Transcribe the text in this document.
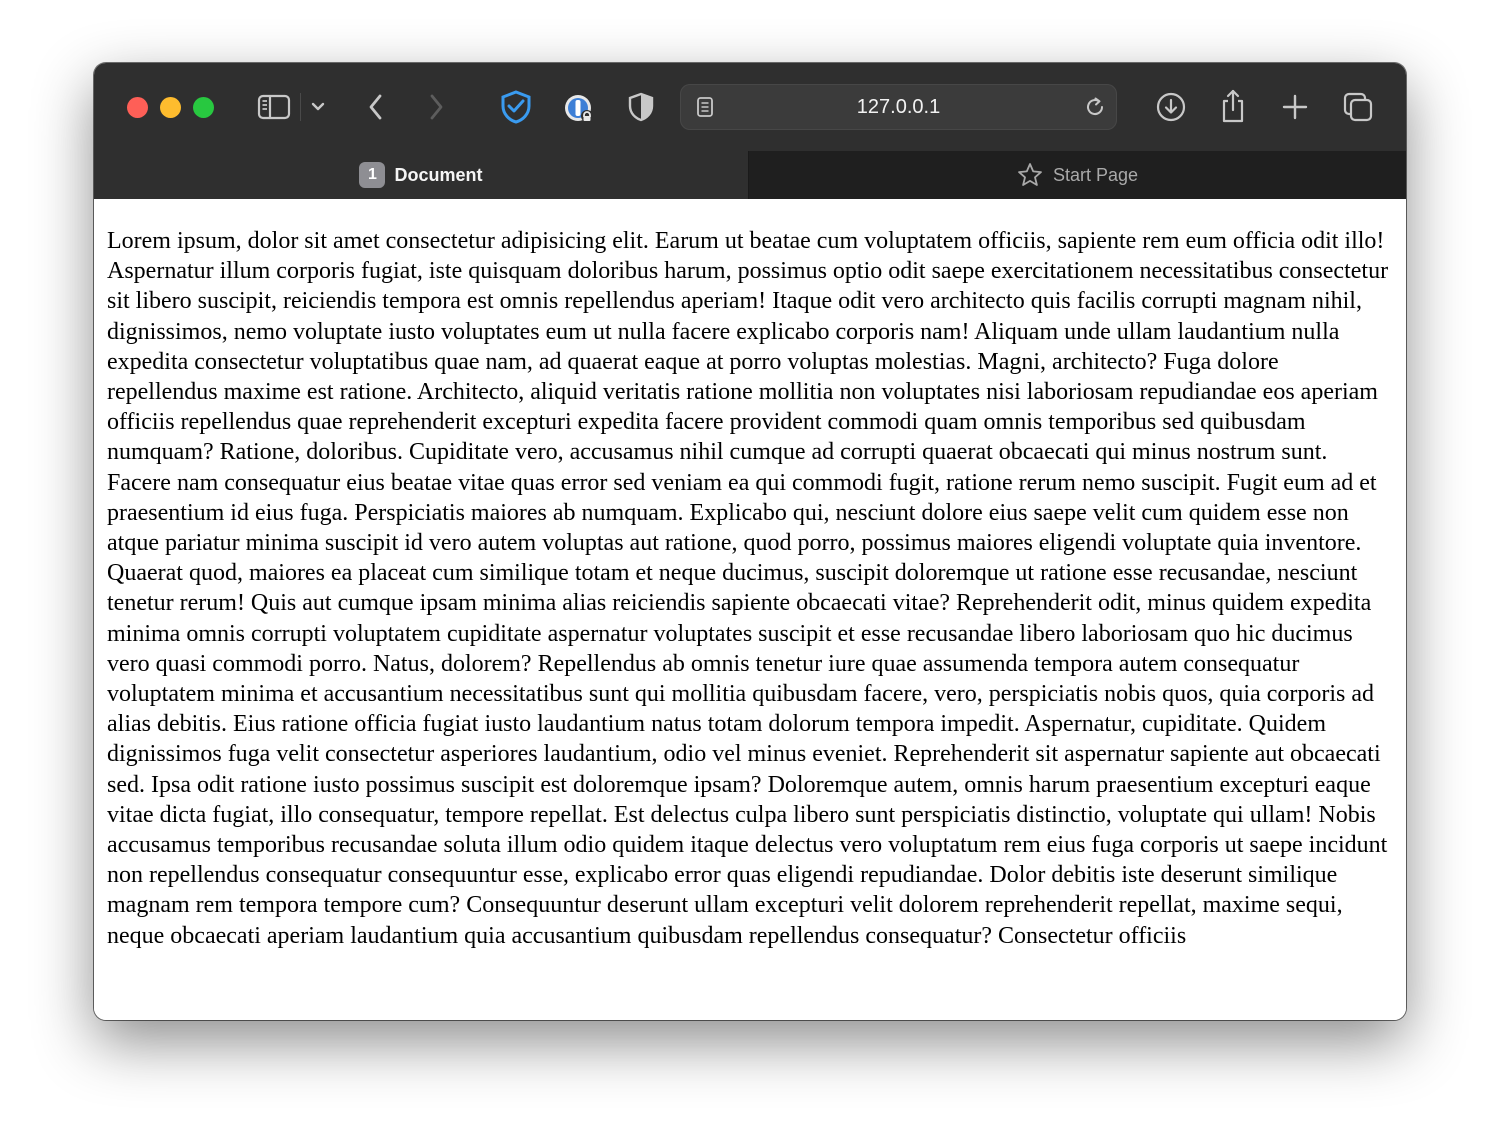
127.0.0.1
1 Document	Start Page

Lorem ipsum, dolor sit amet consectetur adipisicing elit. Earum ut beatae cum voluptatem officiis, sapiente rem eum officia odit illo! Aspernatur illum corporis fugiat, iste quisquam doloribus harum, possimus optio odit saepe exercitationem necessitatibus consectetur sit libero suscipit, reiciendis tempora est omnis repellendus aperiam! Itaque odit vero architecto quis facilis corrupti magnam nihil, dignissimos, nemo voluptate iusto voluptates eum ut nulla facere explicabo corporis nam! Aliquam unde ullam laudantium nulla expedita consectetur voluptatibus quae nam, ad quaerat eaque at porro voluptas molestias. Magni, architecto? Fuga dolore repellendus maxime est ratione. Architecto, aliquid veritatis ratione mollitia non voluptates nisi laboriosam repudiandae eos aperiam officiis repellendus quae reprehenderit excepturi expedita facere provident commodi quam omnis temporibus sed quibusdam numquam? Ratione, doloribus. Cupiditate vero, accusamus nihil cumque ad corrupti quaerat obcaecati qui minus nostrum sunt. Facere nam consequatur eius beatae vitae quas error sed veniam ea qui commodi fugit, ratione rerum nemo suscipit. Fugit eum ad et praesentium id eius fuga. Perspiciatis maiores ab numquam. Explicabo qui, nesciunt dolore eius saepe velit cum quidem esse non atque pariatur minima suscipit id vero autem voluptas aut ratione, quod porro, possimus maiores eligendi voluptate quia inventore. Quaerat quod, maiores ea placeat cum similique totam et neque ducimus, suscipit doloremque ut ratione esse recusandae, nesciunt tenetur rerum! Quis aut cumque ipsam minima alias reiciendis sapiente obcaecati vitae? Reprehenderit odit, minus quidem expedita minima omnis corrupti voluptatem cupiditate aspernatur voluptates suscipit et esse recusandae libero laboriosam quo hic ducimus vero quasi commodi porro. Natus, dolorem? Repellendus ab omnis tenetur iure quae assumenda tempora autem consequatur voluptatem minima et accusantium necessitatibus sunt qui mollitia quibusdam facere, vero, perspiciatis nobis quos, quia corporis ad alias debitis. Eius ratione officia fugiat iusto laudantium natus totam dolorum tempora impedit. Aspernatur, cupiditate. Quidem dignissimos fuga velit consectetur asperiores laudantium, odio vel minus eveniet. Reprehenderit sit aspernatur sapiente aut obcaecati sed. Ipsa odit ratione iusto possimus suscipit est doloremque ipsam? Doloremque autem, omnis harum praesentium excepturi eaque vitae dicta fugiat, illo consequatur, tempore repellat. Est delectus culpa libero sunt perspiciatis distinctio, voluptate qui ullam! Nobis accusamus temporibus recusandae soluta illum odio quidem itaque delectus vero voluptatum rem eius fuga corporis ut saepe incidunt non repellendus consequatur consequuntur esse, explicabo error quas eligendi repudiandae. Dolor debitis iste deserunt similique magnam rem tempora tempore cum? Consequuntur deserunt ullam excepturi velit dolorem reprehenderit repellat, maxime sequi, neque obcaecati aperiam laudantium quia accusantium quibusdam repellendus consequatur? Consectetur officiis
